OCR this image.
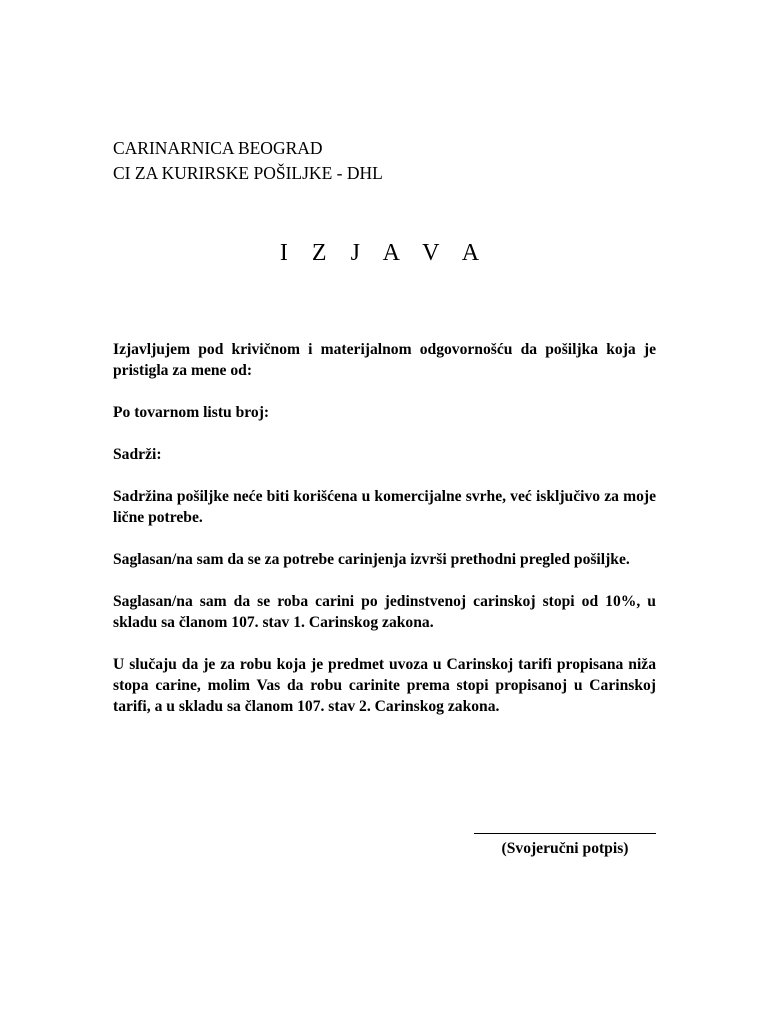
CARINARNICA BEOGRAD
CI ZA KURIRSKE POŠILJKE - DHL
I Z J A V A

Izjavljujem pod krivičnom i materijalnom odgovornošću da pošiljka koja je pristigla za mene od:

Po tovarnom listu broj:

Sadrži:

Sadržina pošiljke neće biti korišćena u komercijalne svrhe, već isključivo za moje lične potrebe.

Saglasan/na sam da se za potrebe carinjenja izvrši prethodni pregled pošiljke.

Saglasan/na sam da se roba carini po jedinstvenoj carinskoj stopi od 10%, u skladu sa članom 107. stav 1. Carinskog zakona.

U slučaju da je za robu koja je predmet uvoza u Carinskoj tarifi propisana niža stopa carine, molim Vas da robu carinite prema stopi propisanoj u Carinskoj tarifi, a u skladu sa članom 107. stav 2. Carinskog zakona.

(Svojeručni potpis)
